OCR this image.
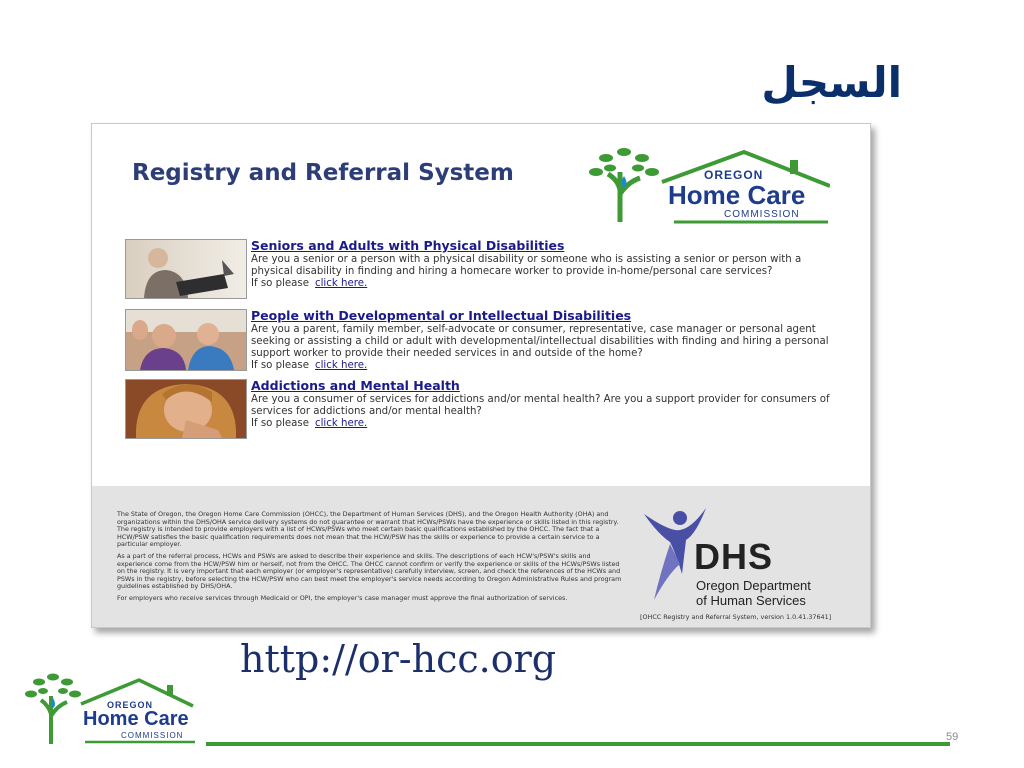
السجل
Registry and Referral System	OREGON
Home Care
COMMISSION
Seniors and Adults with Physical Disabilities
Are you a senior or a person with a physical disability or someone who is assisting a senior or person with a physical disability in finding and hiring a homecare worker to provide in-home/personal care services?
If so please click here.
People with Developmental or Intellectual Disabilities
Are you a parent, family member, self-advocate or consumer, representative, case manager or personal agent seeking or assisting a child or adult with developmental/intellectual disabilities with finding and hiring a personal support worker to provide their needed services in and outside of the home?
If so please click here.
Addictions and Mental Health
Are you a consumer of services for addictions and/or mental health? Are you a support provider for consumers of services for addictions and/or mental health?
If so please click here.

The State of Oregon, the Oregon Home Care Commission (OHCC), the Department of Human Services (DHS), and the Oregon Health Authority (OHA) and organizations within the DHS/OHA service delivery systems do not guarantee or warrant that HCWs/PSWs have the experience or skills listed in this registry. The registry is intended to provide employers with a list of HCWs/PSWs who meet certain basic qualifications established by the OHCC. The fact that a HCW/PSW satisfies the basic qualification requirements does not mean that the HCW/PSW has the skills or experience to provide a certain service to a particular employer.

As a part of the referral process, HCWs and PSWs are asked to describe their experience and skills. The descriptions of each HCW's/PSW's skills and experience come from the HCW/PSW him or herself, not from the OHCC. The OHCC cannot confirm or verify the experience or skills of the HCWs/PSWs listed on the registry. It is very important that each employer (or employer's representative) carefully interview, screen, and check the references of the HCWs and PSWs in the registry, before selecting the HCW/PSW who can best meet the employer's service needs according to Oregon Administrative Rules and program guidelines established by DHS/OHA.

For employers who receive services through Medicaid or OPI, the employer's case manager must approve the final authorization of services.

DHS
Oregon Department
of Human Services
[OHCC Registry and Referral System, version 1.0.41.37641]
http://or-hcc.org
OREGON
Home Care
COMMISSION	59
